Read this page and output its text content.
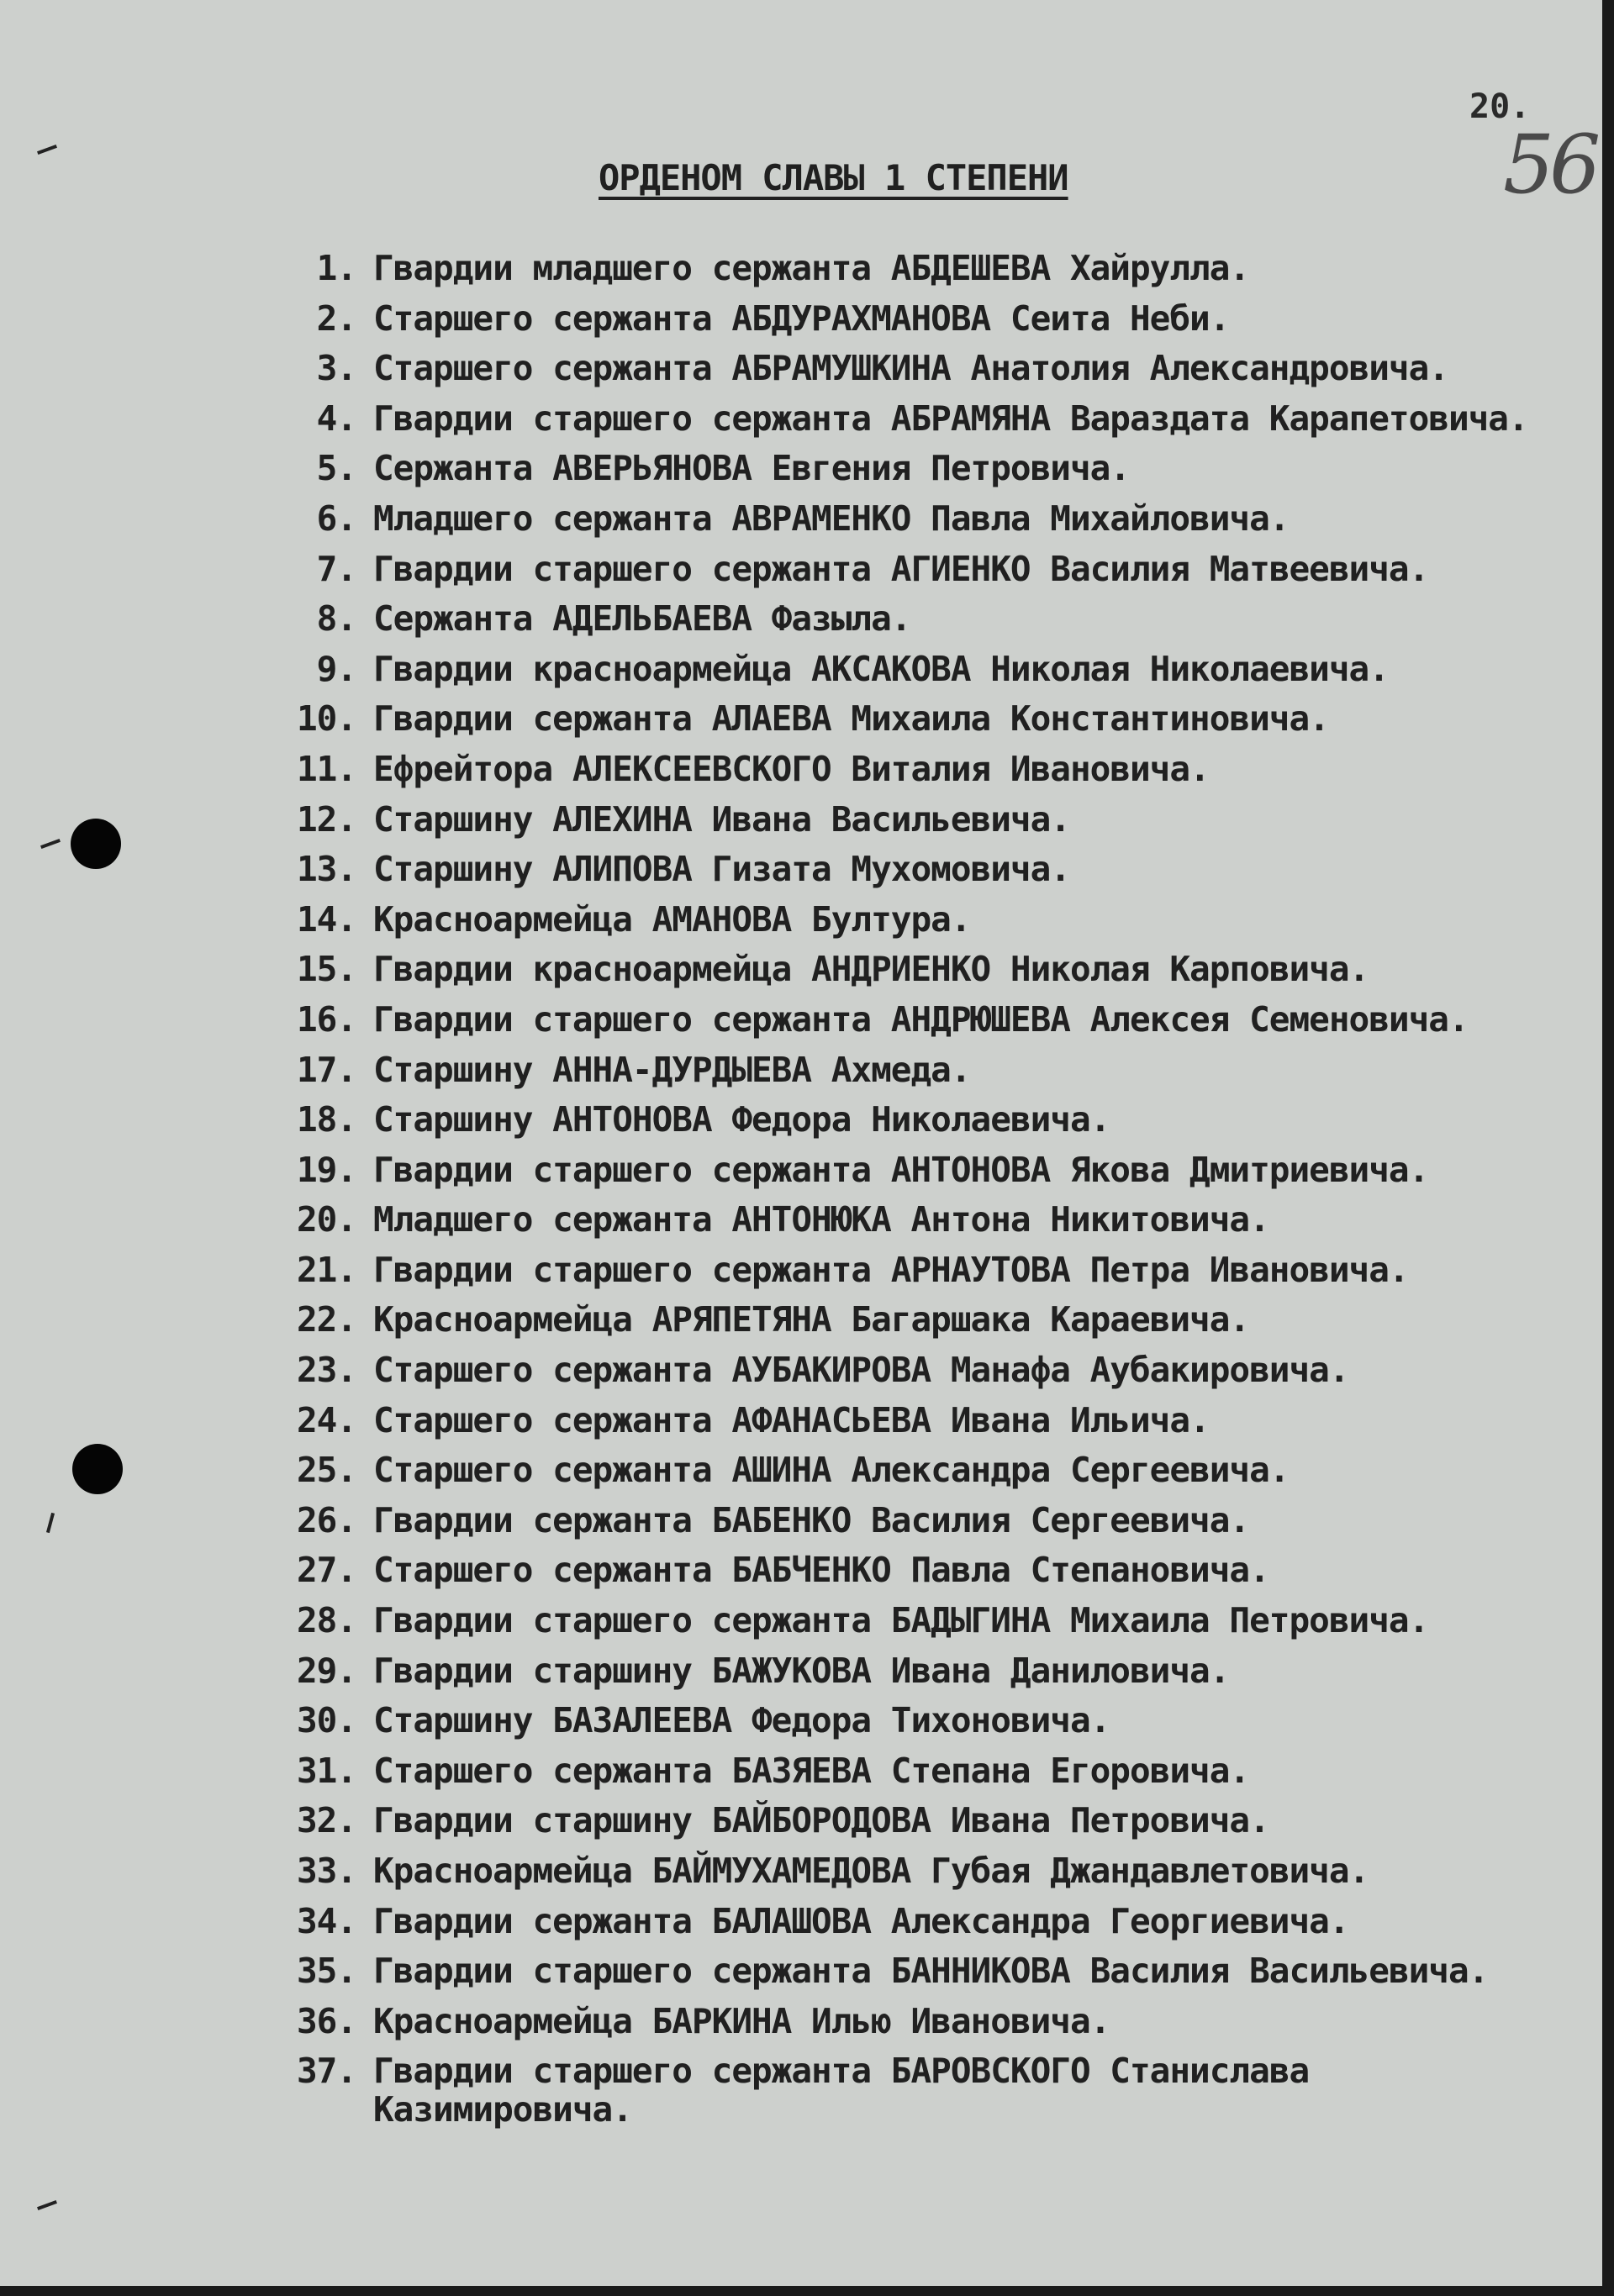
20.
56
ОРДЕНОМ СЛАВЫ 1 СТЕПЕНИ
1. Гвардии младшего сержанта АБДЕШЕВА Хайрулла.
2. Старшего сержанта АБДУРАХМАНОВА Сеита Неби.
3. Старшего сержанта АБРАМУШКИНА Анатолия Александровича.
4. Гвардии старшего сержанта АБРАМЯНА Вараздата Карапетовича.
5. Сержанта АВЕРЬЯНОВА Евгения Петровича.
6. Младшего сержанта АВРАМЕНКО Павла Михайловича.
7. Гвардии старшего сержанта АГИЕНКО Василия Матвеевича.
8. Сержанта АДЕЛЬБАЕВА Фазыла.
9. Гвардии красноармейца АКСАКОВА Николая Николаевича.
10. Гвардии сержанта АЛАЕВА Михаила Константиновича.
11. Ефрейтора АЛЕКСЕЕВСКОГО Виталия Ивановича.
12. Старшину АЛЕХИНА Ивана Васильевича.
13. Старшину АЛИПОВА Гизата Мухомовича.
14. Красноармейца АМАНОВА Бултура.
15. Гвардии красноармейца АНДРИЕНКО Николая Карповича.
16. Гвардии старшего сержанта АНДРЮШЕВА Алексея Семеновича.
17. Старшину АННА-ДУРДЫЕВА Ахмеда.
18. Старшину АНТОНОВА Федора Николаевича.
19. Гвардии старшего сержанта АНТОНОВА Якова Дмитриевича.
20. Младшего сержанта АНТОНЮКА Антона Никитовича.
21. Гвардии старшего сержанта АРНАУТОВА Петра Ивановича.
22. Красноармейца АРЯПЕТЯНА Багаршака Караевича.
23. Старшего сержанта АУБАКИРОВА Манафа Аубакировича.
24. Старшего сержанта АФАНАСЬЕВА Ивана Ильича.
25. Старшего сержанта АШИНА Александра Сергеевича.
26. Гвардии сержанта БАБЕНКО Василия Сергеевича.
27. Старшего сержанта БАБЧЕНКО Павла Степановича.
28. Гвардии старшего сержанта БАДЫГИНА Михаила Петровича.
29. Гвардии старшину БАЖУКОВА Ивана Даниловича.
30. Старшину БАЗАЛЕЕВА Федора Тихоновича.
31. Старшего сержанта БАЗЯЕВА Степана Егоровича.
32. Гвардии старшину БАЙБОРОДОВА Ивана Петровича.
33. Красноармейца БАЙМУХАМЕДОВА Губая Джандавлетовича.
34. Гвардии сержанта БАЛАШОВА Александра Георгиевича.
35. Гвардии старшего сержанта БАННИКОВА Василия Васильевича.
36. Красноармейца БАРКИНА Илью Ивановича.
37. Гвардии старшего сержанта БАРОВСКОГО Станислава
Казимировича.
